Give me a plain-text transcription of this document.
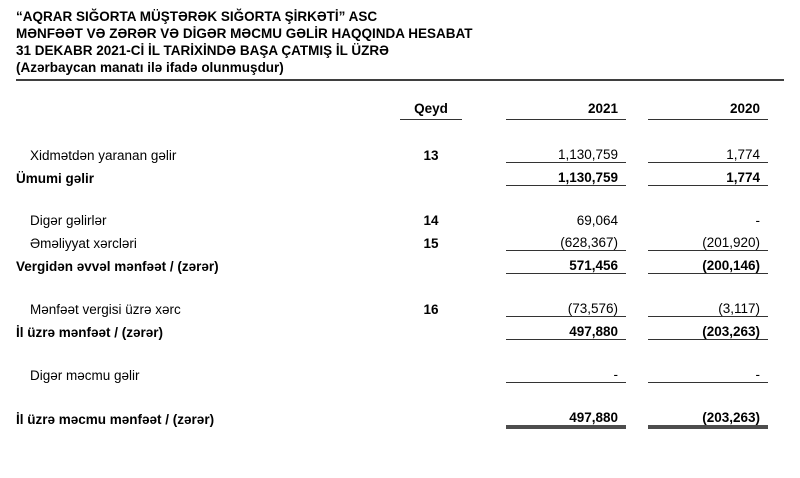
“AQRAR SIĞORTA MÜŞTƏRƏK SIĞORTA ŞİRKƏTİ” ASC

MƏNFƏƏT VƏ ZƏRƏR VƏ DİGƏR MƏCMU GƏLİR HAQQINDA HESABAT

31 DEKABR 2021-Cİ İL TARİXİNDƏ BAŞA ÇATMIŞ İL ÜZRƏ

(Azərbaycan manatı ilə ifadə olunmuşdur)

	Qeyd		2021		2020

Xidmətdən yaranan gəlir	13		1,130,759		1,774
Ümumi gəlir			1,130,759		1,774

Digər gəlirlər	14		69,064		-
Əməliyyat xərcləri	15		(628,367)		(201,920)
Vergidən əvvəl mənfəət / (zərər)			571,456		(200,146)

Mənfəət vergisi üzrə xərc	16		(73,576)		(3,117)
İl üzrə mənfəət / (zərər)			497,880		(203,263)

Digər məcmu gəlir			-		-

İl üzrə məcmu mənfəət / (zərər)			497,880		(203,263)
